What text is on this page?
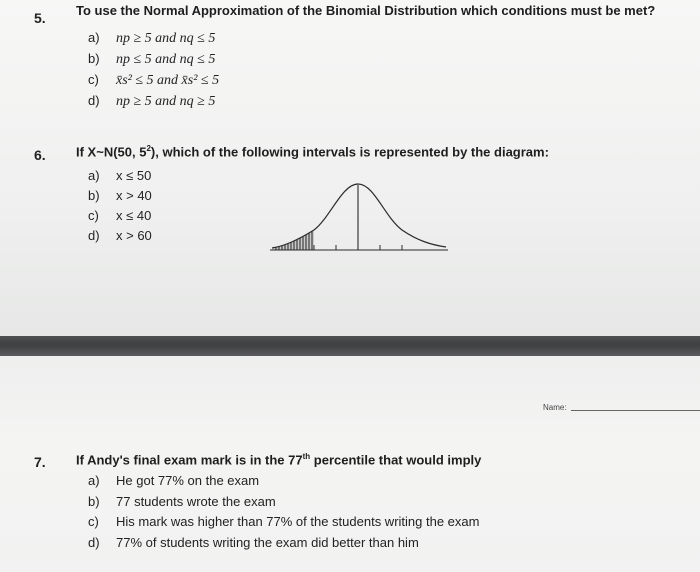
5. To use the Normal Approximation of the Binomial Distribution which conditions must be met?
a) np ≥ 5 and nq ≤ 5
b) np ≤ 5 and nq ≤ 5
c) x̄s² ≤ 5 and x̄s² ≤ 5
d) np ≥ 5 and nq ≥ 5
6. If X~N(50, $5^2$), which of the following intervals is represented by the diagram:
a) x ≤ 50
b) x > 40
c) x ≤ 40
d) x > 60
Name:
7. If Andy's final exam mark is in the 77th percentile that would imply
a) He got 77% on the exam
b) 77 students wrote the exam
c) His mark was higher than 77% of the students writing the exam
d) 77% of students writing the exam did better than him
